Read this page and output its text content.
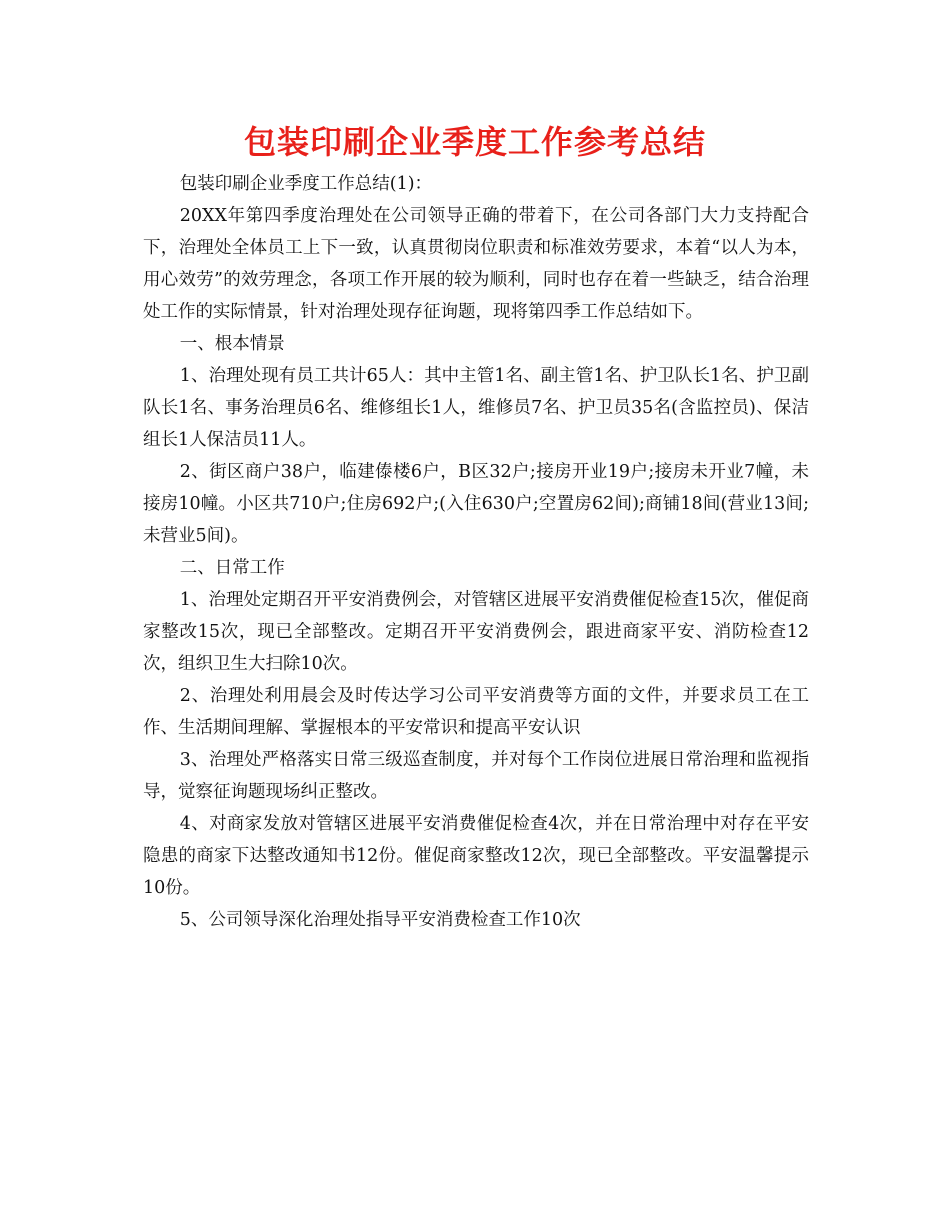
包装印刷企业季度工作参考总结

包装印刷企业季度工作总结(1)：

20XX年第四季度治理处在公司领导正确的带着下，在公司各部门大力支持配合下，治理处全体员工上下一致，认真贯彻岗位职责和标准效劳要求，本着“以人为本，用心效劳”的效劳理念，各项工作开展的较为顺利，同时也存在着一些缺乏，结合治理处工作的实际情景，针对治理处现存征询题，现将第四季工作总结如下。

一、根本情景

1、治理处现有员工共计65人：其中主管1名、副主管1名、护卫队长1名、护卫副队长1名、事务治理员6名、维修组长1人，维修员7名、护卫员35名(含监控员)、保洁组长1人保洁员11人。

2、街区商户38户，临建傣楼6户，B区32户;接房开业19户;接房未开业7幢，未接房10幢。小区共710户;住房692户;(入住630户;空置房62间);商铺18间(营业13间;未营业5间)。

二、日常工作

1、治理处定期召开平安消费例会，对管辖区进展平安消费催促检查15次，催促商家整改15次，现已全部整改。定期召开平安消费例会，跟进商家平安、消防检查12次，组织卫生大扫除10次。

2、治理处利用晨会及时传达学习公司平安消费等方面的文件，并要求员工在工作、生活期间理解、掌握根本的平安常识和提高平安认识

3、治理处严格落实日常三级巡查制度，并对每个工作岗位进展日常治理和监视指导，觉察征询题现场纠正整改。

4、对商家发放对管辖区进展平安消费催促检查4次，并在日常治理中对存在平安隐患的商家下达整改通知书12份。催促商家整改12次，现已全部整改。平安温馨提示10份。

5、公司领导深化治理处指导平安消费检查工作10次
